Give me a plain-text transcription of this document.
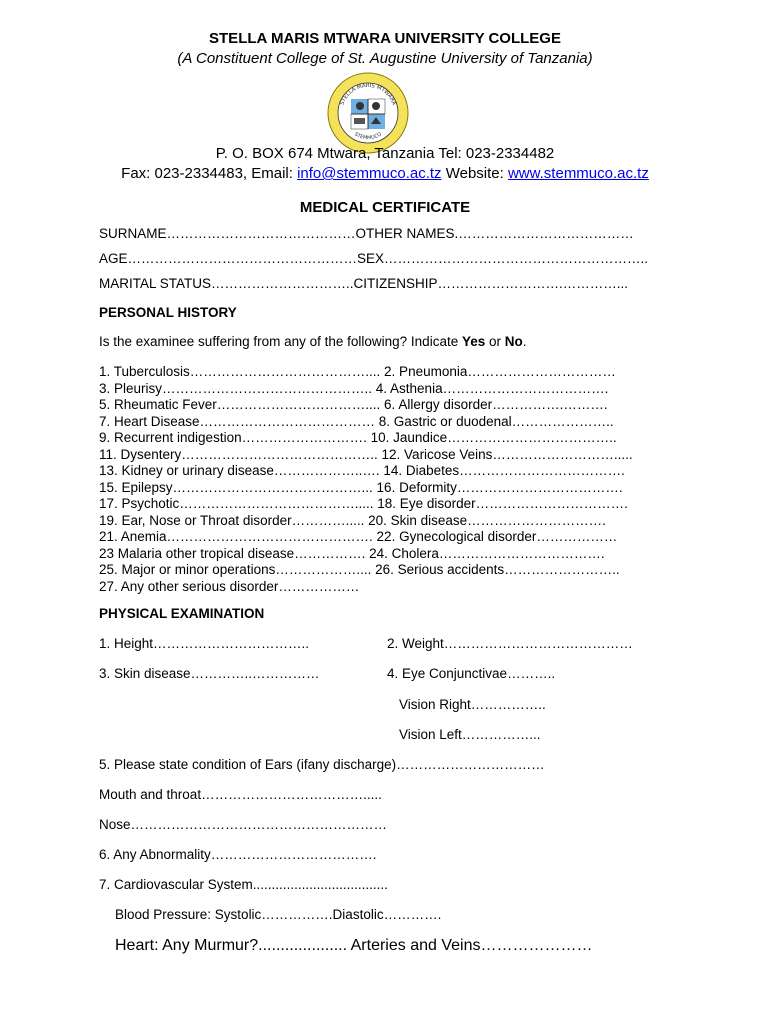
STELLA MARIS MTWARA UNIVERSITY COLLEGE
(A Constituent College of St. Augustine University of Tanzania)
STELLA MARIS MTWARA
STEMMUCO
P. O. BOX 674 Mtwara, Tanzania Tel: 023-2334482
Fax: 023-2334483, Email: info@stemmuco.ac.tz Website: www.stemmuco.ac.tz
MEDICAL CERTIFICATE
SURNAME……………………………………OTHER NAMES.…………………………………
AGE……………………………………………SEX…………………………………………………..
MARITAL STATUS…………………………..CITIZENSHIP……………………….…………...
PERSONAL HISTORY
Is the examinee suffering from any of the following? Indicate Yes or No.
1. Tuberculosis………………………………….... 2. Pneumonia……………………………
3. Pleurisy……………………………………….. 4. Asthenia……………………………….
5. Rheumatic Fever…………………………….... 6. Allergy disorder…………….……….
7. Heart Disease………………………………… 8. Gastric or duodenal…………………..
9. Recurrent indigestion………………………. 10. Jaundice………………………………..
11. Dysentery…………………………………….. 12. Varicose Veins……………………….....
13. Kidney or urinary disease………………..…. 14. Diabetes……………………………….
15. Epilepsy……………………………………... 16. Deformity……………………………….
17. Psychotic…………………………………..... 18. Eye disorder…………………………….
19. Ear, Nose or Throat disorder…………..... 20. Skin disease………………………….
21. Anemia………………………………………. 22. Gynecological disorder………………
23 Malaria other tropical disease……………. 24. Cholera……………………………….
25. Major or minor operations……………….... 26. Serious accidents……………………..
27. Any other serious disorder………………
PHYSICAL EXAMINATION
1. Height……………………………..	2. Weight……………………………………
3. Skin disease…………..……………	4. Eye Conjunctivae………..
Vision Right……………..
Vision Left……………...
5. Please state condition of Ears (ifany discharge)……………………………
Mouth and throat……………………………….....
Nose…………………………………………………
6. Any Abnormality……………………………….
7. Cardiovascular System....................................
Blood Pressure: Systolic…………….Diastolic………….
Heart: Any Murmur?.................... Arteries and Veins…………………
